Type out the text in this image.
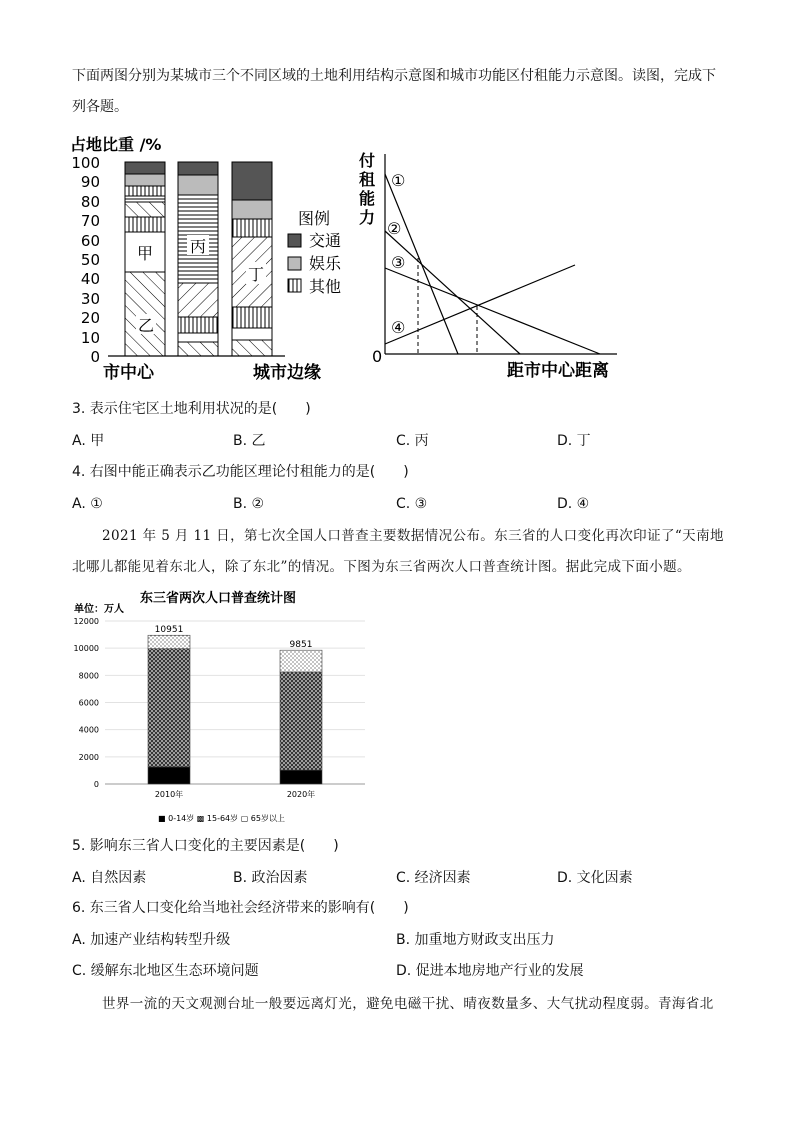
下面两图分别为某城市三个不同区域的土地利用结构示意图和城市功能区付租能力示意图。读图，完成下
列各题。
占地比重 /%
100
90
80
70
60
50
40
30
20
10
0
甲
乙
丙
丁
图例
交通
娱乐
其他
市中心	城市边缘
付
租
能
力
0
①
②
③
④
距市中心距离
3. 表示住宅区土地利用状况的是(　　)
A. 甲	B. 乙	C. 丙	D. 丁
4. 右图中能正确表示乙功能区理论付租能力的是(　　)
A. ①	B. ②	C. ③	D. ④
2021 年 5 月 11 日，第七次全国人口普查主要数据情况公布。东三省的人口变化再次印证了“天南地
北哪儿都能见着东北人，除了东北”的情况。下图为东三省两次人口普查统计图。据此完成下面小题。
东三省两次人口普查统计图
单位：万人
12000
10000
8000
6000
4000
2000
0
10951
9851
2010年	2020年
■ 0-14岁 ▩ 15-64岁 ▢ 65岁以上
5. 影响东三省人口变化的主要因素是(　　)
A. 自然因素	B. 政治因素	C. 经济因素	D. 文化因素
6. 东三省人口变化给当地社会经济带来的影响有(　　)
A. 加速产业结构转型升级	B. 加重地方财政支出压力
C. 缓解东北地区生态环境问题	D. 促进本地房地产行业的发展
世界一流的天文观测台址一般要远离灯光，避免电磁干扰、晴夜数量多、大气扰动程度弱。青海省北
